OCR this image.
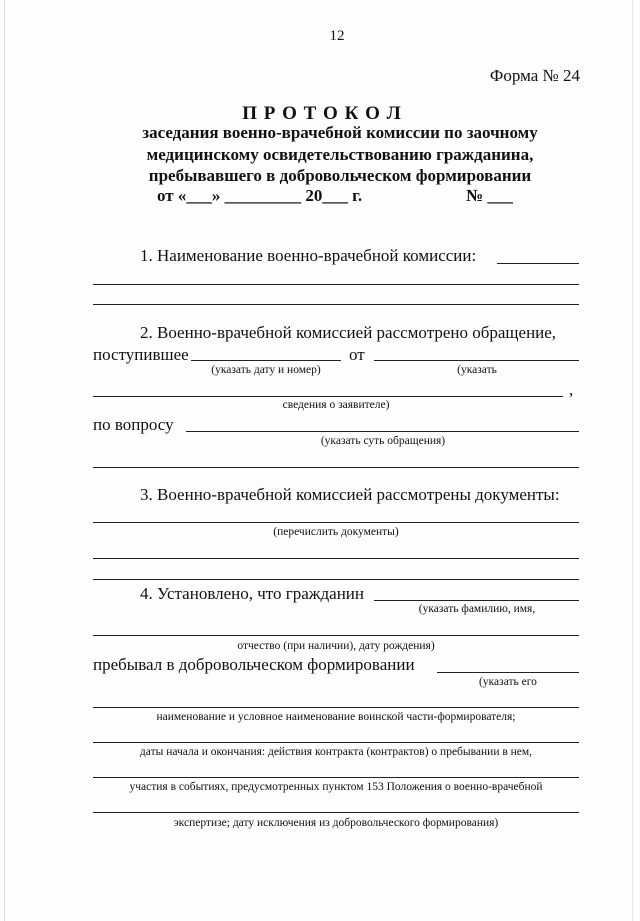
12
Форма № 24
П Р О Т О К О Л
заседания военно-врачебной комиссии по заочному
медицинскому освидетельствованию гражданина,
пребывавшего в добровольческом формировании
от «___» _________ 20___ г.	№ ___
1. Наименование военно-врачебной комиссии:
2. Военно-врачебной комиссией рассмотрено обращение,
поступившее	от
(указать дату и номер)	(указать
,
сведения о заявителе)
по вопросу
(указать суть обращения)
3. Военно-врачебной комиссией рассмотрены документы:
(перечислить документы)
4. Установлено, что гражданин
(указать фамилию, имя,
отчество (при наличии), дату рождения)
пребывал в добровольческом формировании
(указать его
наименование и условное наименование воинской части-формирователя;
даты начала и окончания: действия контракта (контрактов) о пребывании в нем,
участия в событиях, предусмотренных пунктом 153 Положения о военно-врачебной
экспертизе; дату исключения из добровольческого формирования)
